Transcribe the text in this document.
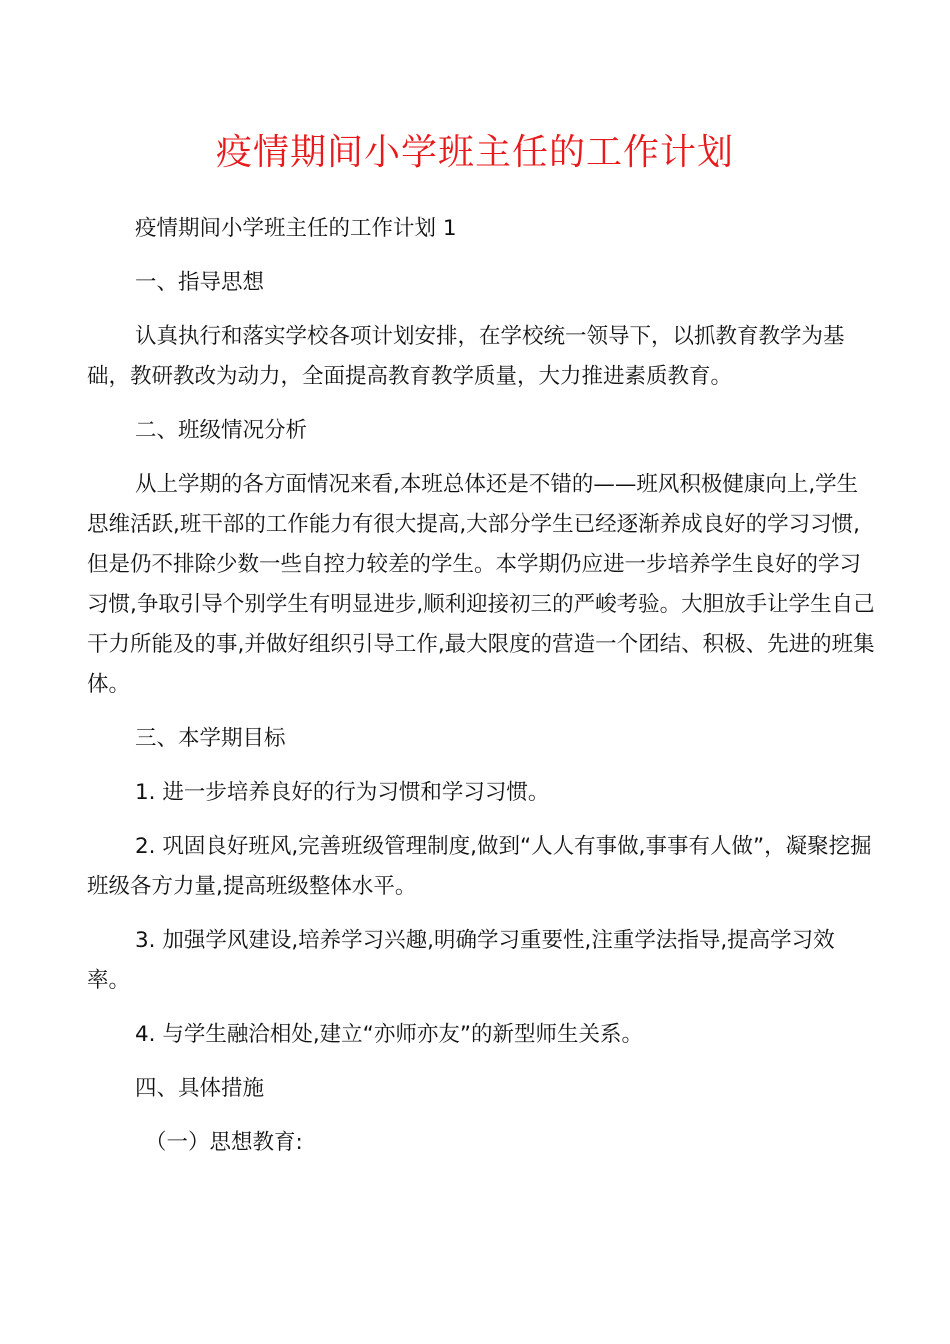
疫情期间小学班主任的工作计划

疫情期间小学班主任的工作计划 1

一、指导思想

认真执行和落实学校各项计划安排，在学校统一领导下，以抓教育教学为基础，教研教改为动力，全面提高教育教学质量，大力推进素质教育。

二、班级情况分析

从上学期的各方面情况来看,本班总体还是不错的——班风积极健康向上,学生思维活跃,班干部的工作能力有很大提高,大部分学生已经逐渐养成良好的学习习惯,但是仍不排除少数一些自控力较差的学生。本学期仍应进一步培养学生良好的学习习惯,争取引导个别学生有明显进步,顺利迎接初三的严峻考验。大胆放手让学生自己干力所能及的事,并做好组织引导工作,最大限度的营造一个团结、积极、先进的班集体。

三、本学期目标

1. 进一步培养良好的行为习惯和学习习惯。

2. 巩固良好班风,完善班级管理制度,做到“人人有事做,事事有人做”，凝聚挖掘班级各方力量,提高班级整体水平。

3. 加强学风建设,培养学习兴趣,明确学习重要性,注重学法指导,提高学习效率。

4. 与学生融洽相处,建立“亦师亦友”的新型师生关系。

四、具体措施

（一）思想教育:
